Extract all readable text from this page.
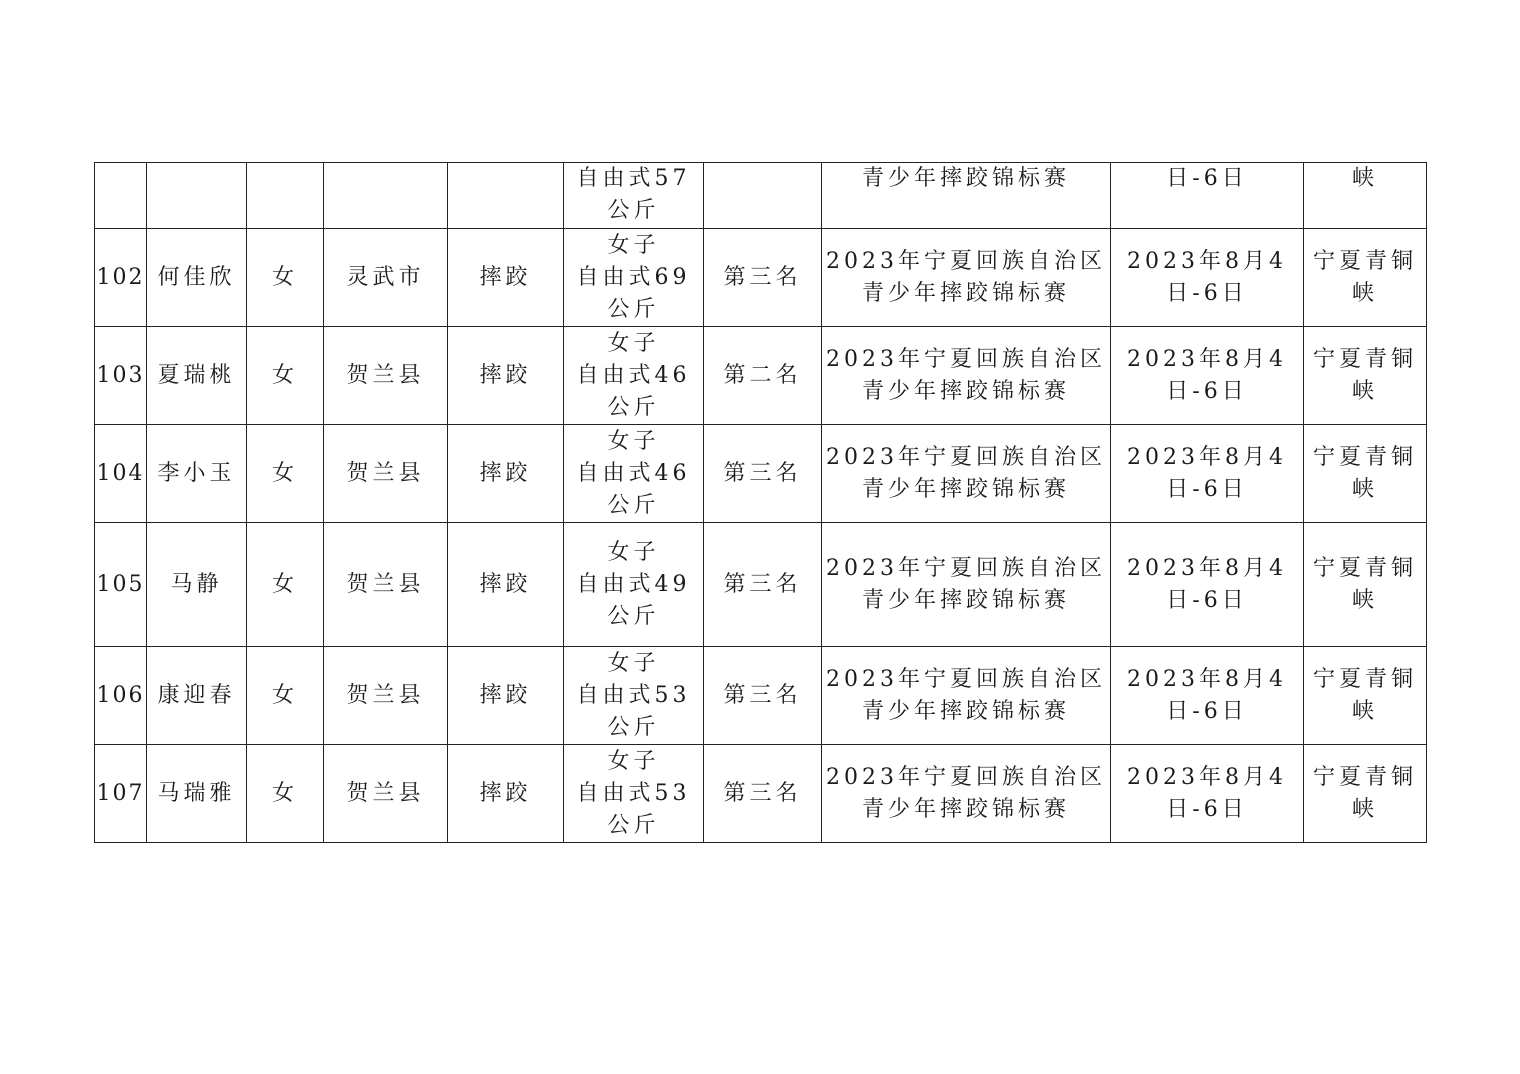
					自由式57
公斤		青少年摔跤锦标赛	日-6日	峡

102	何佳欣	女	灵武市	摔跤	女子
自由式69
公斤	第三名	2023年宁夏回族自治区
青少年摔跤锦标赛	2023年8月4
日-6日	宁夏青铜
峡

103	夏瑞桃	女	贺兰县	摔跤	女子
自由式46
公斤	第二名	2023年宁夏回族自治区
青少年摔跤锦标赛	2023年8月4
日-6日	宁夏青铜
峡

104	李小玉	女	贺兰县	摔跤	女子
自由式46
公斤	第三名	2023年宁夏回族自治区
青少年摔跤锦标赛	2023年8月4
日-6日	宁夏青铜
峡

105	马静	女	贺兰县	摔跤	女子
自由式49
公斤	第三名	2023年宁夏回族自治区
青少年摔跤锦标赛	2023年8月4
日-6日	宁夏青铜
峡

106	康迎春	女	贺兰县	摔跤	女子
自由式53
公斤	第三名	2023年宁夏回族自治区
青少年摔跤锦标赛	2023年8月4
日-6日	宁夏青铜
峡

107	马瑞雅	女	贺兰县	摔跤	女子
自由式53
公斤	第三名	2023年宁夏回族自治区
青少年摔跤锦标赛	2023年8月4
日-6日	宁夏青铜
峡
